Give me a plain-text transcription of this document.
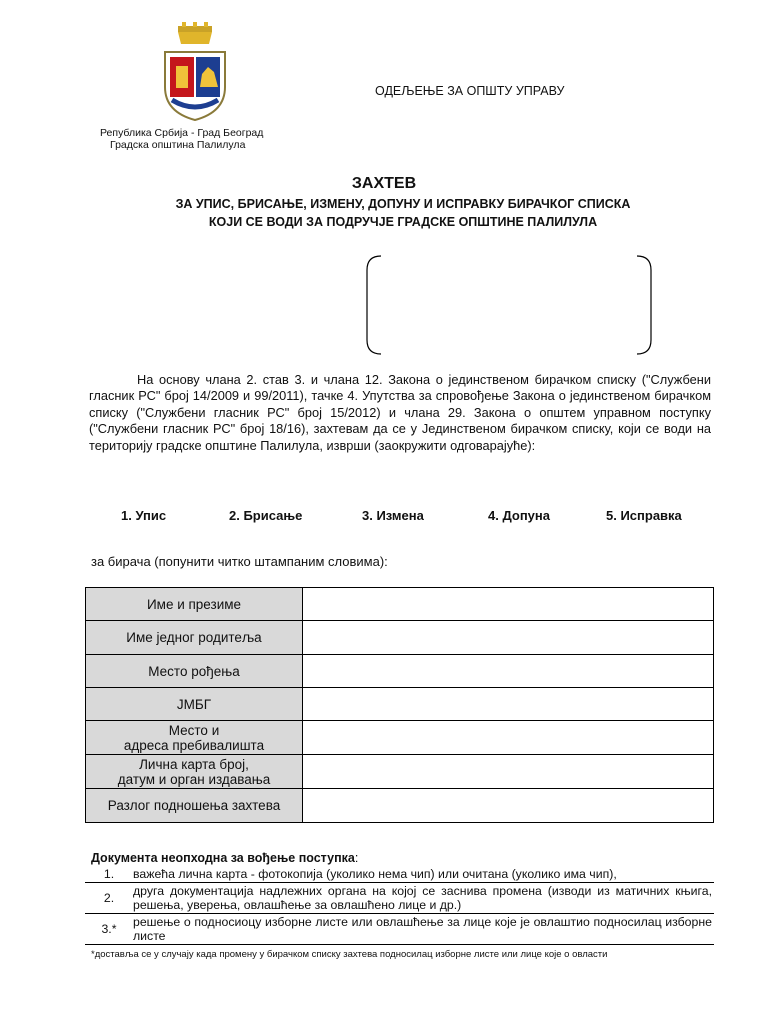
Република Србија - Град Београд
Градска општина Палилула
ОДЕЉЕЊЕ ЗА ОПШТУ УПРАВУ
ЗАХТЕВ
ЗА УПИС, БРИСАЊЕ, ИЗМЕНУ, ДОПУНУ И ИСПРАВКУ БИРАЧКОГ СПИСКА
КОЈИ СЕ ВОДИ ЗА ПОДРУЧЈЕ ГРАДСКЕ ОПШТИНЕ ПАЛИЛУЛА
На основу члана 2. став 3. и члана 12. Закона о јединственом бирачком списку ("Службени гласник РС" број 14/2009 и 99/2011), тачке 4. Упутства за спровођење Закона о јединственом бирачком списку ("Службени гласник РС" број 15/2012) и члана 29. Закона о општем управном поступку ("Службени гласник РС" број 18/16), захтевам да се у Јединственом бирачком списку, који се води на територију градске општине Палилула, изврши (заокружити одговарајуће):
1. Упис	2. Брисање	3. Измена	4. Допуна	5. Исправка
за бирача (попунити читко штампаним словима):
Име и презиме	
Име једног родитеља	
Место рођења	
ЈМБГ	

Место и
адреса пребивалишта	

Лична карта број,
датум и орган издавања	

Разлог подношења захтева	
Документа неопходна за вођење поступка:
1.	важећа лична карта - фотокопија (уколико нема чип) или очитана (уколико има чип),
2.	друга документација надлежних органа на којој се заснива промена (изводи из матичних књига, решења, уверења, овлашћење за овлашћено лице и др.)
3.*	решење о подносиоцу изборне листе или овлашћење за лице које је овлаштио подносилац изборне листе
*достављa се у случају када промену у бирачком списку захтева подносилац изборне листе или лице које о овласти
